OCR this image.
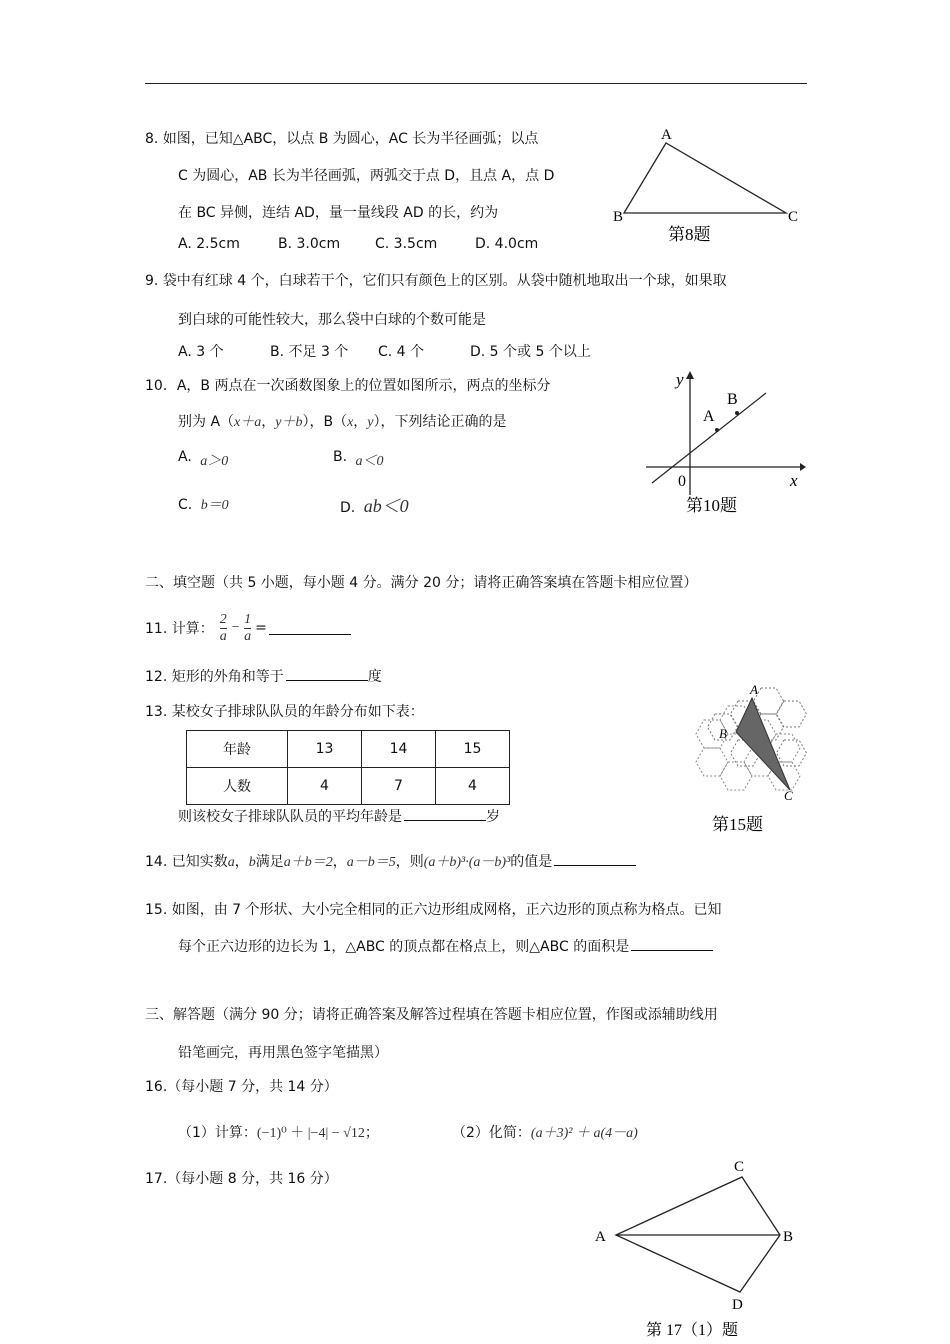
8. 如图，已知△ABC，以点 B 为圆心，AC 长为半径画弧；以点
C 为圆心，AB 长为半径画弧，两弧交于点 D，且点 A，点 D
在 BC 异侧，连结 AD，量一量线段 AD 的长，约为
A. 2.5cm	B. 3.0cm C. 3.5cm	D. 4.0cm
A
B	C
第8题
9. 袋中有红球 4 个，白球若干个，它们只有颜色上的区别。从袋中随机地取出一个球，如果取
到白球的可能性较大，那么袋中白球的个数可能是
A. 3 个	B. 不足 3 个 C. 4 个	D. 5 个或 5 个以上
10．A，B 两点在一次函数图象上的位置如图所示，两点的坐标分
别为 A（x＋a，y＋b），B（x，y），下列结论正确的是
A. a＞0	B. a＜0
C. b＝0	D. ab＜0
y
x
0
A
B
第10题
二、填空题（共 5 小题，每小题 4 分。满分 20 分；请将正确答案填在答题卡相应位置）
11. 计算： $\frac{2}{a} - \frac{1}{a}$ =
12. 矩形的外角和等于	度
13. 某校女子排球队队员的年龄分布如下表：
年龄	13	14	15
人数	4	7	4
则该校女子排球队队员的平均年龄是	岁
A
B
C
第15题
14. 已知实数a，b满足a＋b＝2，a－b＝5，则(a＋b)³·(a－b)³的值是
15. 如图，由 7 个形状、大小完全相同的正六边形组成网格，正六边形的顶点称为格点。已知
每个正六边形的边长为 1，△ABC 的顶点都在格点上，则△ABC 的面积是
三、解答题（满分 90 分；请将正确答案及解答过程填在答题卡相应位置，作图或添辅助线用
铅笔画完，再用黑色签字笔描黑）
16.（每小题 7 分，共 14 分）
（1）计算：(−1)⁰ ＋ |−4| − √12；	（2）化简：(a＋3)² ＋ a(4－a)
17.（每小题 8 分，共 16 分）
C
A	B
D
第 17（1）题
